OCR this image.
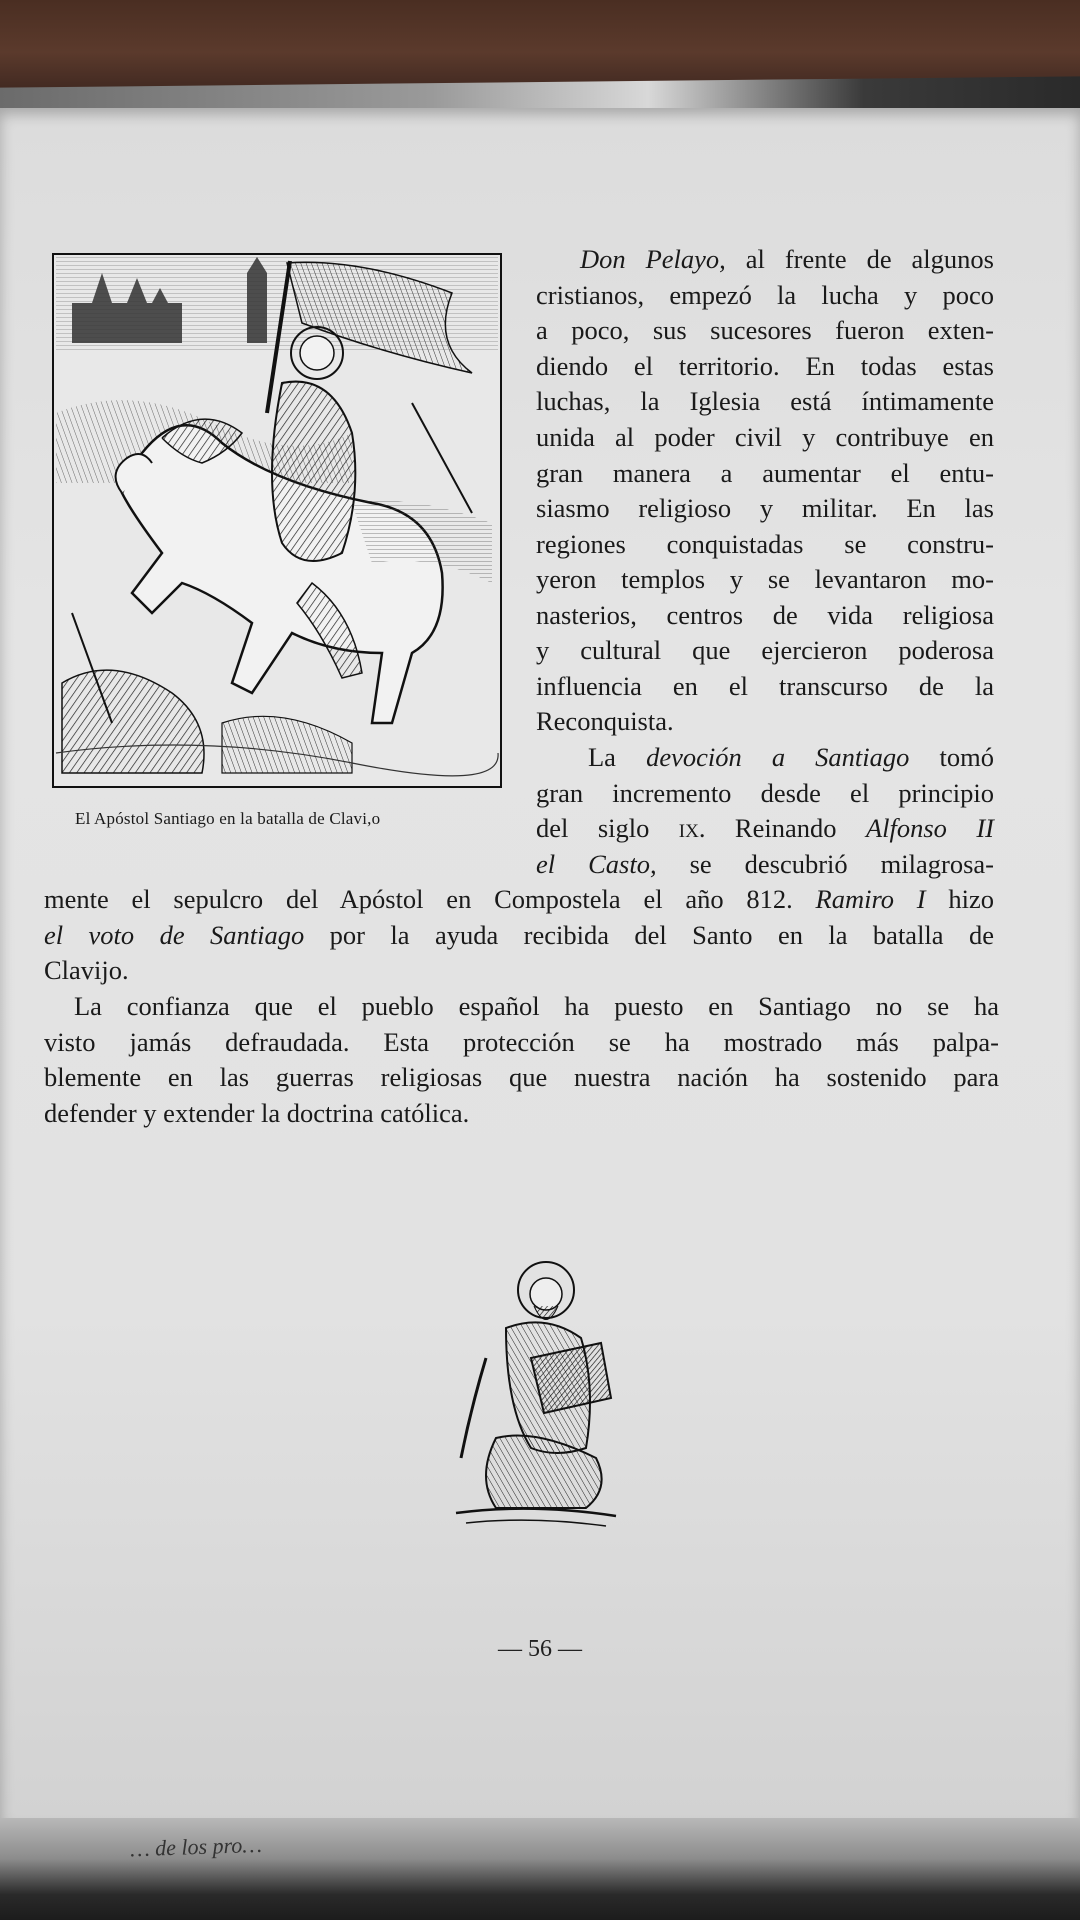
El Apóstol Santiago en la batalla de Clavi,o

Don Pelayo, al frente de algunos

cristianos, empezó la lucha y poco

a poco, sus sucesores fueron exten-

diendo el territorio. En todas estas

luchas, la Iglesia está íntimamente

unida al poder civil y contribuye en

gran manera a aumentar el entu-

siasmo religioso y militar. En las

regiones conquistadas se constru-

yeron templos y se levantaron mo-

nasterios, centros de vida religiosa

y cultural que ejercieron poderosa

influencia en el transcurso de la

Reconquista.

La devoción a Santiago tomó

gran incremento desde el principio

del siglo ix. Reinando Alfonso II

el Casto, se descubrió milagrosa-

mente el sepulcro del Apóstol en Compostela el año 812. Ramiro I hizo

el voto de Santiago por la ayuda recibida del Santo en la batalla de

Clavijo.

La confianza que el pueblo español ha puesto en Santiago no se ha

visto jamás defraudada. Esta protección se ha mostrado más palpa-

blemente en las guerras religiosas que nuestra nación ha sostenido para

defender y extender la doctrina católica.

— 56 —

… de los pro…
